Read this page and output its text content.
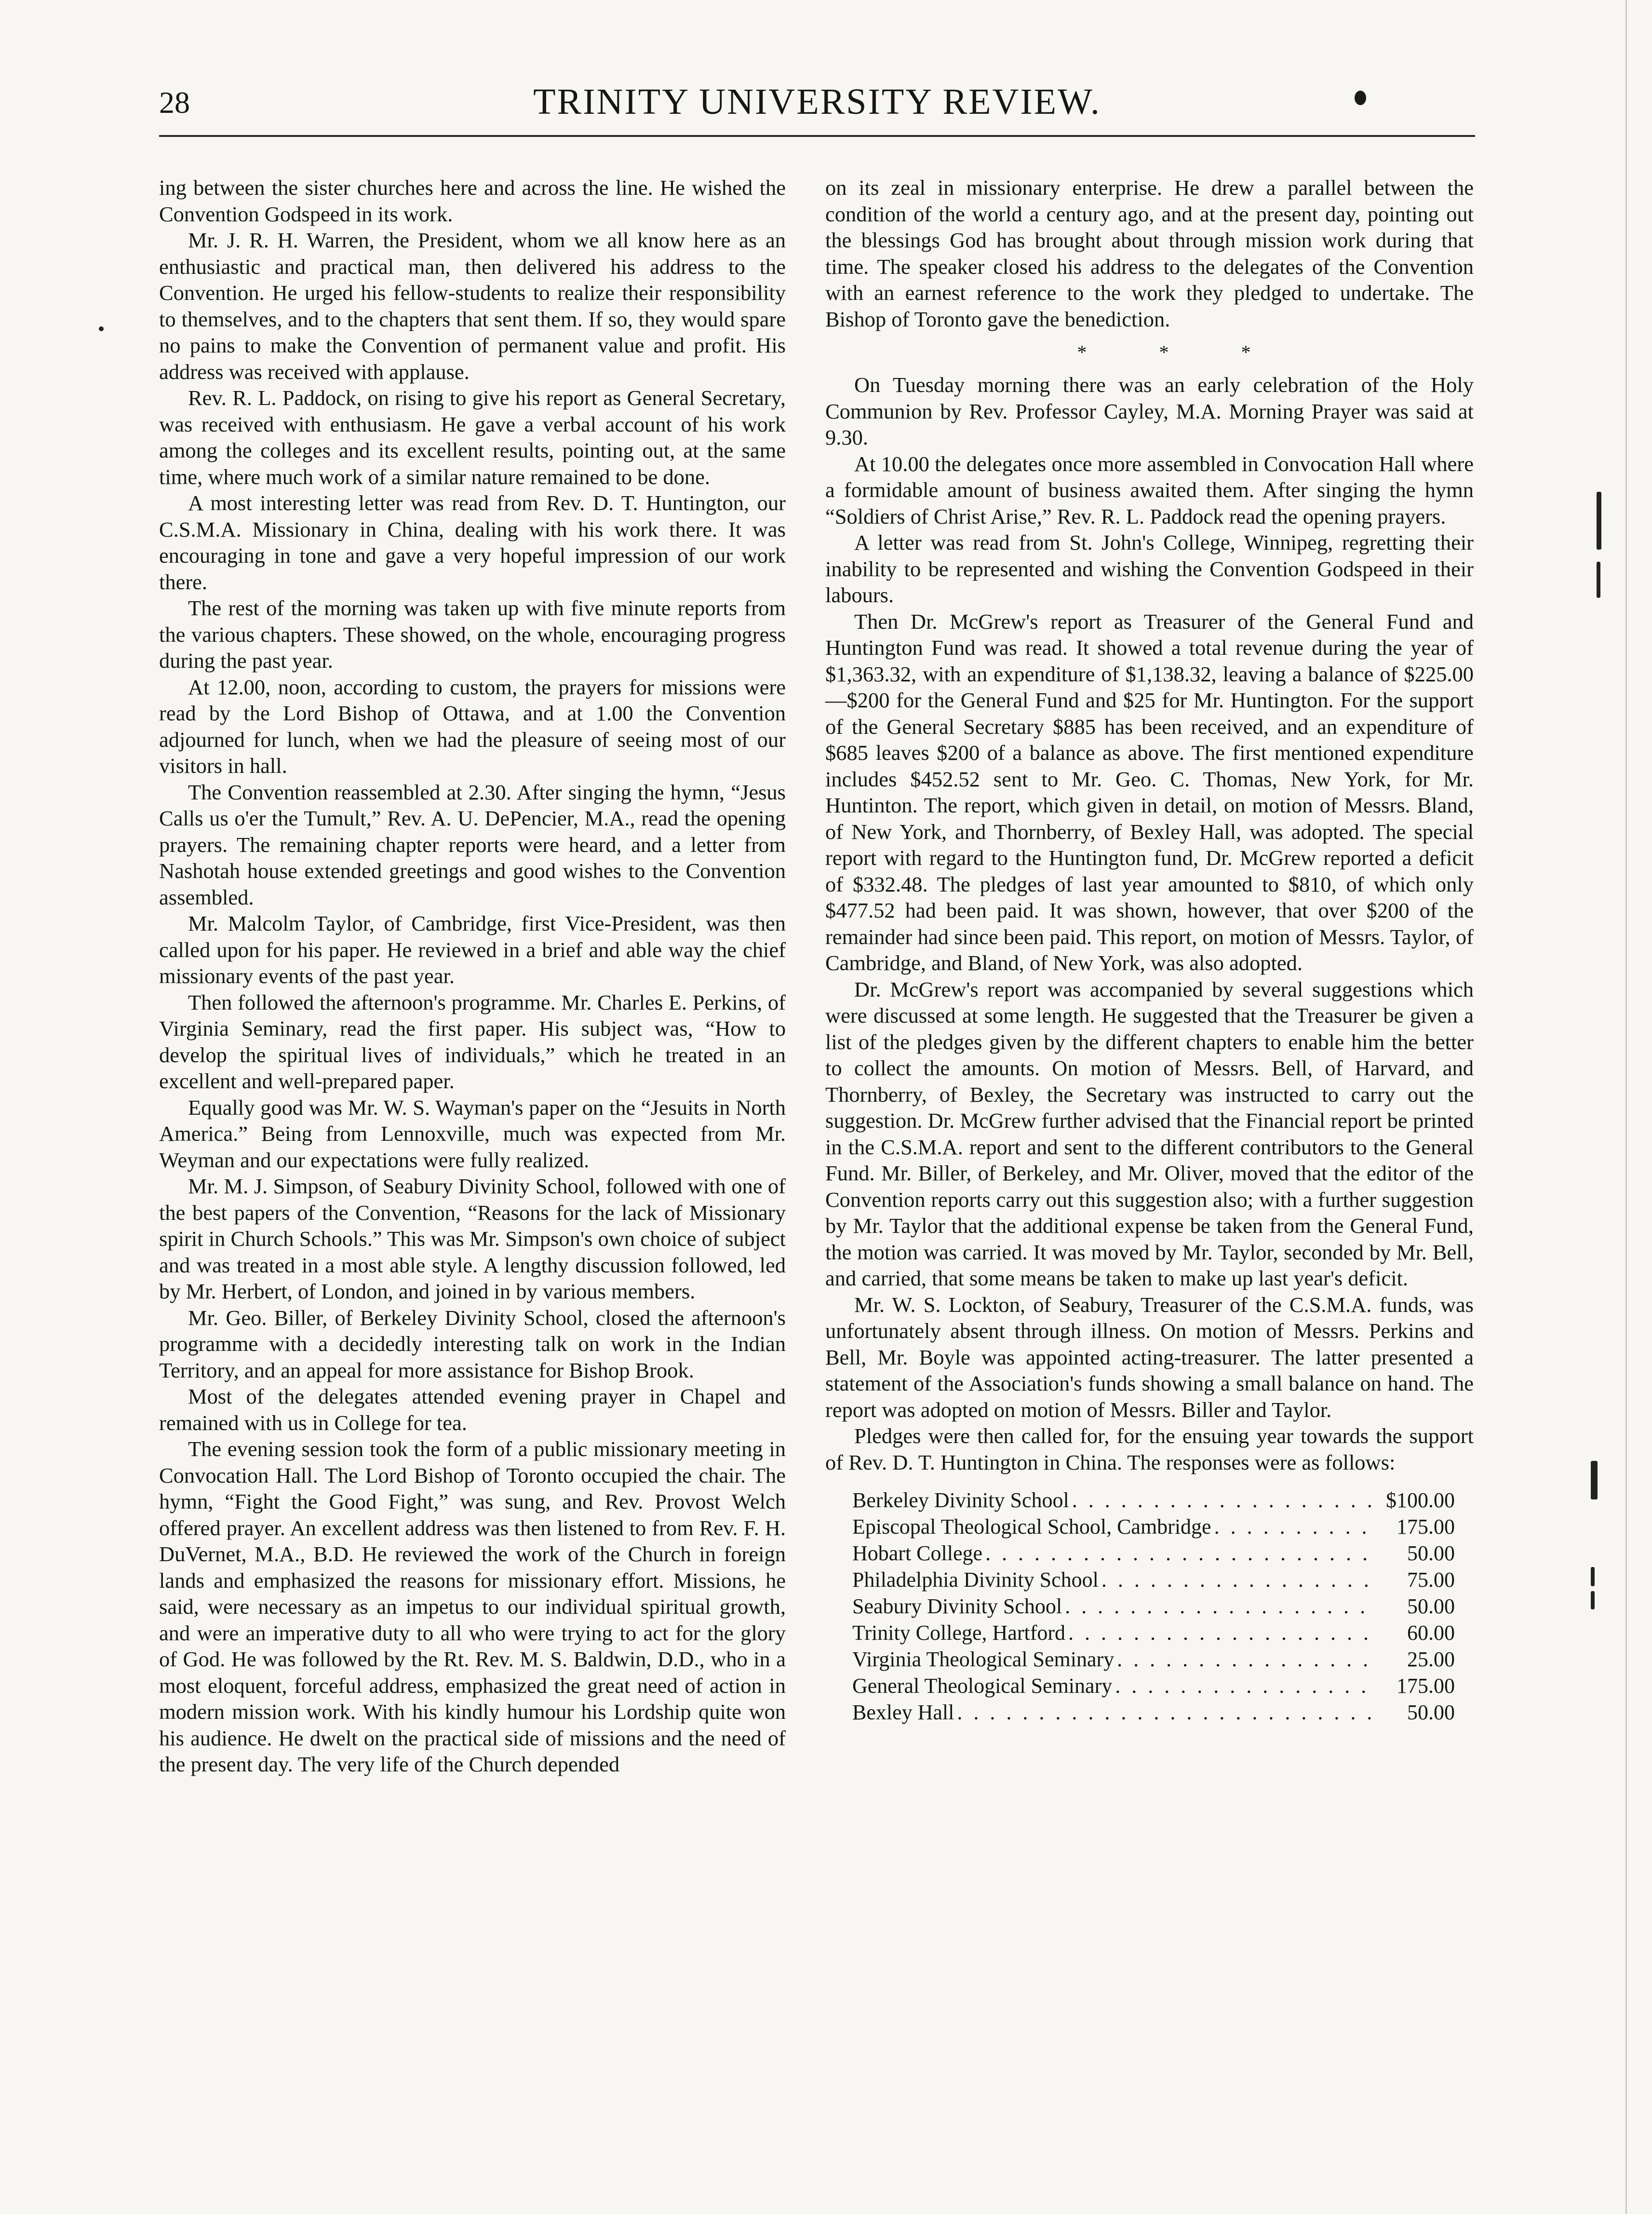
28	TRINITY UNIVERSITY REVIEW.

ing between the sister churches here and across the line. He wished the Convention Godspeed in its work.

Mr. J. R. H. Warren, the President, whom we all know here as an enthusiastic and practical man, then delivered his address to the Convention. He urged his fellow-students to realize their responsibility to themselves, and to the chapters that sent them. If so, they would spare no pains to make the Convention of permanent value and profit. His address was received with applause.

Rev. R. L. Paddock, on rising to give his report as General Secretary, was received with enthusiasm. He gave a verbal account of his work among the colleges and its excellent results, pointing out, at the same time, where much work of a similar nature remained to be done.

A most interesting letter was read from Rev. D. T. Huntington, our C.S.M.A. Missionary in China, dealing with his work there. It was encouraging in tone and gave a very hopeful impression of our work there.

The rest of the morning was taken up with five minute reports from the various chapters. These showed, on the whole, encouraging progress during the past year.

At 12.00, noon, according to custom, the prayers for missions were read by the Lord Bishop of Ottawa, and at 1.00 the Convention adjourned for lunch, when we had the pleasure of seeing most of our visitors in hall.

The Convention reassembled at 2.30. After singing the hymn, “Jesus Calls us o'er the Tumult,” Rev. A. U. DePencier, M.A., read the opening prayers. The remaining chapter reports were heard, and a letter from Nashotah house extended greetings and good wishes to the Convention assembled.

Mr. Malcolm Taylor, of Cambridge, first Vice-President, was then called upon for his paper. He reviewed in a brief and able way the chief missionary events of the past year.

Then followed the afternoon's programme. Mr. Charles E. Perkins, of Virginia Seminary, read the first paper. His subject was, “How to develop the spiritual lives of individuals,” which he treated in an excellent and well-prepared paper.

Equally good was Mr. W. S. Wayman's paper on the “Jesuits in North America.” Being from Lennoxville, much was expected from Mr. Weyman and our expectations were fully realized.

Mr. M. J. Simpson, of Seabury Divinity School, followed with one of the best papers of the Convention, “Reasons for the lack of Missionary spirit in Church Schools.” This was Mr. Simpson's own choice of subject and was treated in a most able style. A lengthy discussion followed, led by Mr. Herbert, of London, and joined in by various members.

Mr. Geo. Biller, of Berkeley Divinity School, closed the afternoon's programme with a decidedly interesting talk on work in the Indian Territory, and an appeal for more assistance for Bishop Brook.

Most of the delegates attended evening prayer in Chapel and remained with us in College for tea.

The evening session took the form of a public missionary meeting in Convocation Hall. The Lord Bishop of Toronto occupied the chair. The hymn, “Fight the Good Fight,” was sung, and Rev. Provost Welch offered prayer. An excellent address was then listened to from Rev. F. H. DuVernet, M.A., B.D. He reviewed the work of the Church in foreign lands and emphasized the reasons for missionary effort. Missions, he said, were necessary as an impetus to our individual spiritual growth, and were an imperative duty to all who were trying to act for the glory of God. He was followed by the Rt. Rev. M. S. Baldwin, D.D., who in a most eloquent, forceful address, emphasized the great need of action in modern mission work. With his kindly humour his Lordship quite won his audience. He dwelt on the practical side of missions and the need of the present day. The very life of the Church depended

on its zeal in missionary enterprise. He drew a parallel between the condition of the world a century ago, and at the present day, pointing out the blessings God has brought about through mission work during that time. The speaker closed his address to the delegates of the Convention with an earnest reference to the work they pledged to undertake. The Bishop of Toronto gave the benediction.

* * *

On Tuesday morning there was an early celebration of the Holy Communion by Rev. Professor Cayley, M.A. Morning Prayer was said at 9.30.

At 10.00 the delegates once more assembled in Convocation Hall where a formidable amount of business awaited them. After singing the hymn “Soldiers of Christ Arise,” Rev. R. L. Paddock read the opening prayers.

A letter was read from St. John's College, Winnipeg, regretting their inability to be represented and wishing the Convention Godspeed in their labours.

Then Dr. McGrew's report as Treasurer of the General Fund and Huntington Fund was read. It showed a total revenue during the year of $1,363.32, with an expenditure of $1,138.32, leaving a balance of $225.00—$200 for the General Fund and $25 for Mr. Huntington. For the support of the General Secretary $885 has been received, and an expenditure of $685 leaves $200 of a balance as above. The first mentioned expenditure includes $452.52 sent to Mr. Geo. C. Thomas, New York, for Mr. Huntinton. The report, which given in detail, on motion of Messrs. Bland, of New York, and Thornberry, of Bexley Hall, was adopted. The special report with regard to the Huntington fund, Dr. McGrew reported a deficit of $332.48. The pledges of last year amounted to $810, of which only $477.52 had been paid. It was shown, however, that over $200 of the remainder had since been paid. This report, on motion of Messrs. Taylor, of Cambridge, and Bland, of New York, was also adopted.

Dr. McGrew's report was accompanied by several suggestions which were discussed at some length. He suggested that the Treasurer be given a list of the pledges given by the different chapters to enable him the better to collect the amounts. On motion of Messrs. Bell, of Harvard, and Thornberry, of Bexley, the Secretary was instructed to carry out the suggestion. Dr. McGrew further advised that the Financial report be printed in the C.S.M.A. report and sent to the different contributors to the General Fund. Mr. Biller, of Berkeley, and Mr. Oliver, moved that the editor of the Convention reports carry out this suggestion also; with a further suggestion by Mr. Taylor that the additional expense be taken from the General Fund, the motion was carried. It was moved by Mr. Taylor, seconded by Mr. Bell, and carried, that some means be taken to make up last year's deficit.

Mr. W. S. Lockton, of Seabury, Treasurer of the C.S.M.A. funds, was unfortunately absent through illness. On motion of Messrs. Perkins and Bell, Mr. Boyle was appointed acting-treasurer. The latter presented a statement of the Association's funds showing a small balance on hand. The report was adopted on motion of Messrs. Biller and Taylor.

Pledges were then called for, for the ensuing year towards the support of Rev. D. T. Huntington in China. The responses were as follows:

Berkeley Divinity School . . .	$100.00
Episcopal Theological School, Cambridge . . .	175.00
Hobart College . . .	50.00
Philadelphia Divinity School . . .	75.00
Seabury Divinity School . . .	50.00
Trinity College, Hartford . . .	60.00
Virginia Theological Seminary . . .	25.00
General Theological Seminary . . .	175.00
Bexley Hall . . .	50.00
